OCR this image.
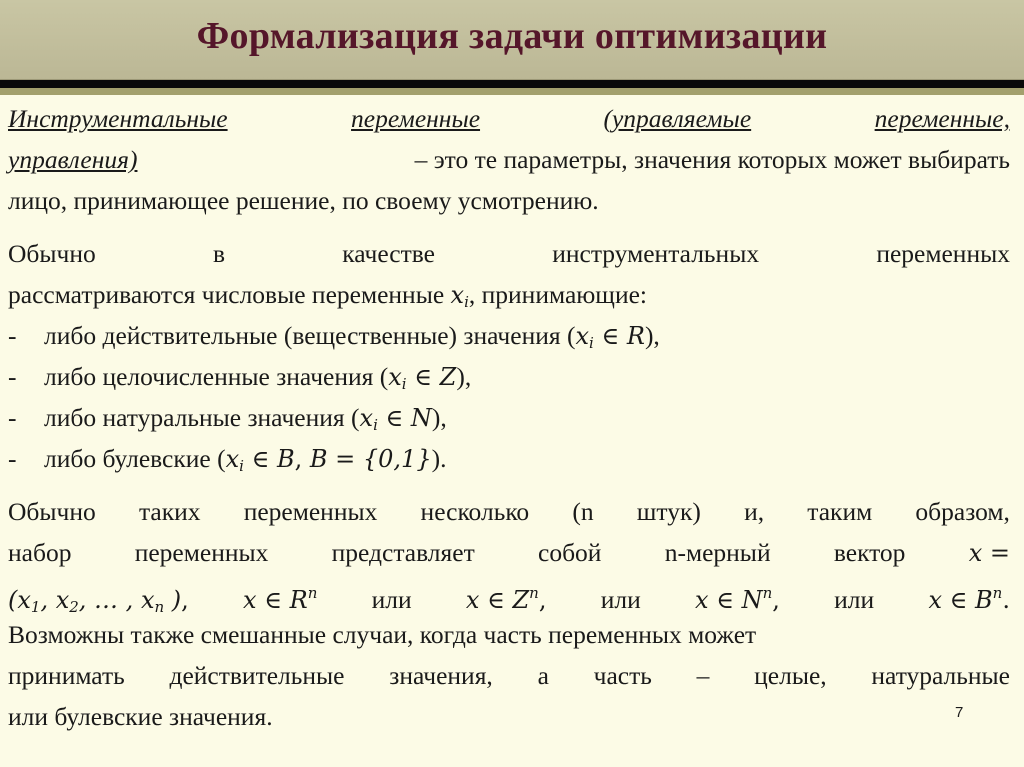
Формализация задачи оптимизации
Инструментальные	переменные	(управляемые	переменные,
управления)	– это те параметры, значения которых может выбирать
лицо, принимающее решение, по своему усмотрению.
Обычно	в	качестве	инструментальных	переменных
рассматриваются числовые переменные $x_i$, принимающие:
-	либо действительные (вещественные) значения ( $x_i$ ∈ R ),
-	либо целочисленные значения ( $x_i$ ∈ Z ),
-	либо натуральные значения ( $x_i$ ∈ N ),
-	либо булевские ( $x_i$ ∈ B , B = {0,1} ).
Обычно таких переменных несколько (n штук) и, таким образом,
набор переменных представляет собой n-мерный вектор	x =
($x_1$, $x_2$, … , $x_n$ ), x ∈ $R^n$ или x ∈ $Z^n$, или x ∈ $N^n$, или x ∈ $B^n$.
Возможны также смешанные случаи, когда часть переменных может
принимать действительные значения, а часть – целые, натуральные
или булевские значения.	7
